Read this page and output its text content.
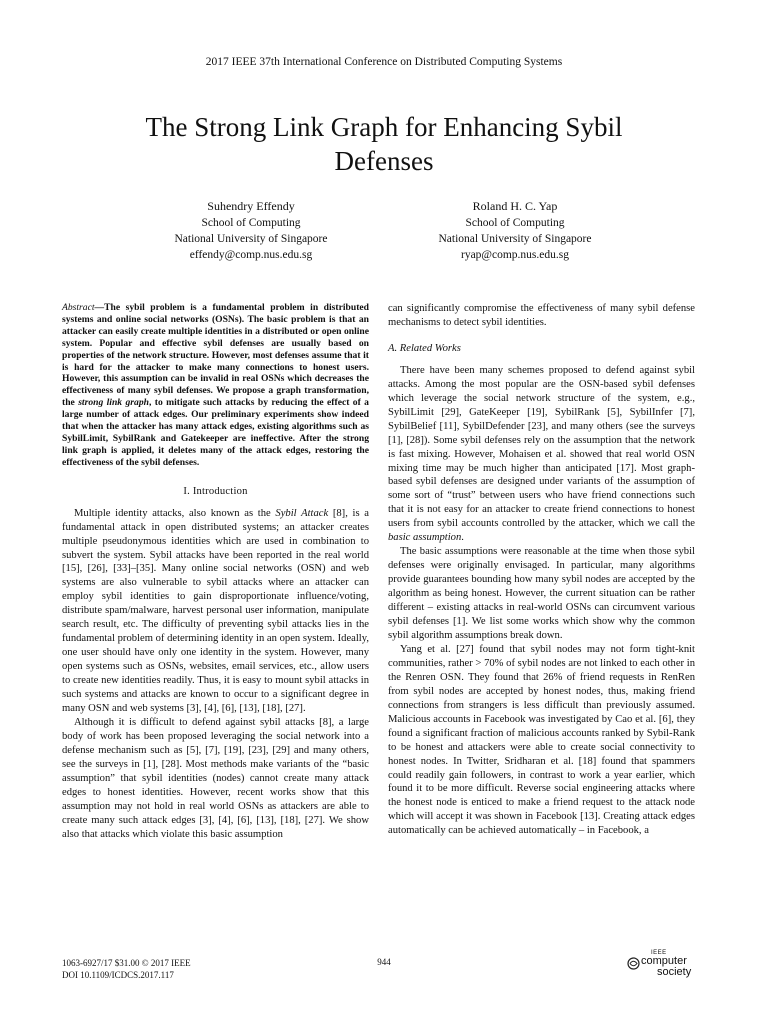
2017 IEEE 37th International Conference on Distributed Computing Systems
The Strong Link Graph for Enhancing Sybil Defenses
Suhendry Effendy
School of Computing
National University of Singapore
effendy@comp.nus.edu.sg
Roland H. C. Yap
School of Computing
National University of Singapore
ryap@comp.nus.edu.sg

Abstract—The sybil problem is a fundamental problem in distributed systems and online social networks (OSNs). The basic problem is that an attacker can easily create multiple identities in a distributed or open online system. Popular and effective sybil defenses are usually based on properties of the network structure. However, most defenses assume that it is hard for the attacker to make many connections to honest users. However, this assumption can be invalid in real OSNs which decreases the effectiveness of many sybil defenses. We propose a graph transformation, the strong link graph, to mitigate such attacks by reducing the effect of a large number of attack edges. Our preliminary experiments show indeed that when the attacker has many attack edges, existing algorithms such as SybilLimit, SybilRank and Gatekeeper are ineffective. After the strong link graph is applied, it deletes many of the attack edges, restoring the effectiveness of the sybil defenses.

I. Introduction

Multiple identity attacks, also known as the Sybil Attack [8], is a fundamental attack in open distributed systems; an attacker creates multiple pseudonymous identities which are used in combination to subvert the system. Sybil attacks have been reported in the real world [15], [26], [33]–[35]. Many online social networks (OSN) and web systems are also vulnerable to sybil attacks where an attacker can employ sybil identities to gain disproportionate influence/voting, distribute spam/malware, harvest personal user information, manipulate search result, etc. The difficulty of preventing sybil attacks lies in the fundamental problem of determining identity in an open system. Ideally, one user should have only one identity in the system. However, many open systems such as OSNs, websites, email services, etc., allow users to create new identities readily. Thus, it is easy to mount sybil attacks in such systems and attacks are known to occur to a significant degree in many OSN and web systems [3], [4], [6], [13], [18], [27].

Although it is difficult to defend against sybil attacks [8], a large body of work has been proposed leveraging the social network into a defense mechanism such as [5], [7], [19], [23], [29] and many others, see the surveys in [1], [28]. Most methods make variants of the “basic assumption” that sybil identities (nodes) cannot create many attack edges to honest identities. However, recent works show that this assumption may not hold in real world OSNs as attackers are able to create many such attack edges [3], [4], [6], [13], [18], [27]. We show also that attacks which violate this basic assumption

can significantly compromise the effectiveness of many sybil defense mechanisms to detect sybil identities.

A. Related Works

There have been many schemes proposed to defend against sybil attacks. Among the most popular are the OSN-based sybil defenses which leverage the social network structure of the system, e.g., SybilLimit [29], GateKeeper [19], SybilRank [5], SybilInfer [7], SybilBelief [11], SybilDefender [23], and many others (see the surveys [1], [28]). Some sybil defenses rely on the assumption that the network is fast mixing. However, Mohaisen et al. showed that real world OSN mixing time may be much higher than anticipated [17]. Most graph-based sybil defenses are designed under variants of the assumption of some sort of “trust” between users who have friend connections such that it is not easy for an attacker to create friend connections to honest users from sybil accounts controlled by the attacker, which we call the basic assumption.

The basic assumptions were reasonable at the time when those sybil defenses were originally envisaged. In particular, many algorithms provide guarantees bounding how many sybil nodes are accepted by the algorithm as being honest. However, the current situation can be rather different – existing attacks in real-world OSNs can circumvent various sybil defenses [1]. We list some works which show why the common sybil algorithm assumptions break down.

Yang et al. [27] found that sybil nodes may not form tight-knit communities, rather > 70% of sybil nodes are not linked to each other in the Renren OSN. They found that 26% of friend requests in RenRen from sybil nodes are accepted by honest nodes, thus, making friend connections from strangers is less difficult than previously assumed. Malicious accounts in Facebook was investigated by Cao et al. [6], they found a significant fraction of malicious accounts ranked by Sybil-Rank to be honest and attackers were able to create social connectivity to honest nodes. In Twitter, Sridharan et al. [18] found that spammers could readily gain followers, in contrast to work a year earlier, which found it to be more difficult. Reverse social engineering attacks where the honest node is enticed to make a friend request to the attack node which will accept it was shown in Facebook [13]. Creating attack edges automatically can be achieved automatically – in Facebook, a

1063-6927/17 $31.00 © 2017 IEEE
DOI 10.1109/ICDCS.2017.117
944
IEEE
computer
society
